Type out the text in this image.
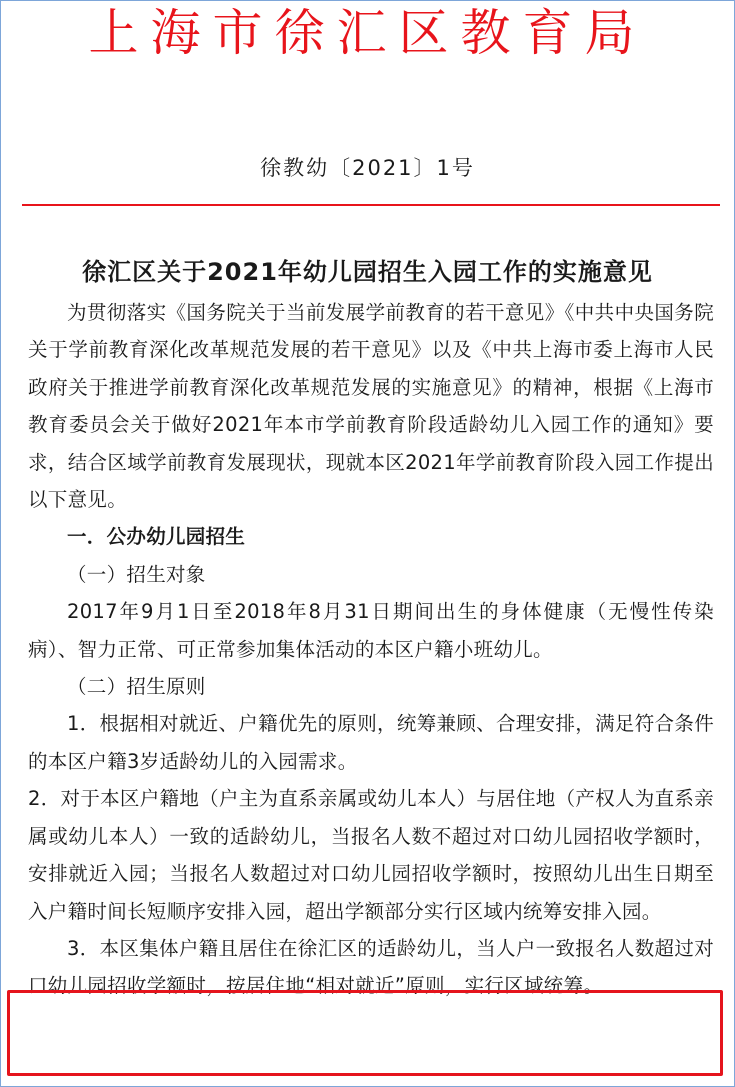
上海市徐汇区教育局
徐教幼〔2021〕1号
徐汇区关于2021年幼儿园招生入园工作的实施意见

为贯彻落实《国务院关于当前发展学前教育的若干意见》《中共中央国务院关于学前教育深化改革规范发展的若干意见》以及《中共上海市委上海市人民政府关于推进学前教育深化改革规范发展的实施意见》的精神，根据《上海市教育委员会关于做好2021年本市学前教育阶段适龄幼儿入园工作的通知》要求，结合区域学前教育发展现状，现就本区2021年学前教育阶段入园工作提出以下意见。

一．公办幼儿园招生

（一）招生对象

2017年9月1日至2018年8月31日期间出生的身体健康（无慢性传染病）、智力正常、可正常参加集体活动的本区户籍小班幼儿。

（二）招生原则

1．根据相对就近、户籍优先的原则，统筹兼顾、合理安排，满足符合条件的本区户籍3岁适龄幼儿的入园需求。

2．对于本区户籍地（户主为直系亲属或幼儿本人）与居住地（产权人为直系亲属或幼儿本人）一致的适龄幼儿，当报名人数不超过对口幼儿园招收学额时，安排就近入园；当报名人数超过对口幼儿园招收学额时，按照幼儿出生日期至入户籍时间长短顺序安排入园，超出学额部分实行区域内统筹安排入园。

3．本区集体户籍且居住在徐汇区的适龄幼儿，当人户一致报名人数超过对口幼儿园招收学额时，按居住地“相对就近”原则，实行区域统筹。
